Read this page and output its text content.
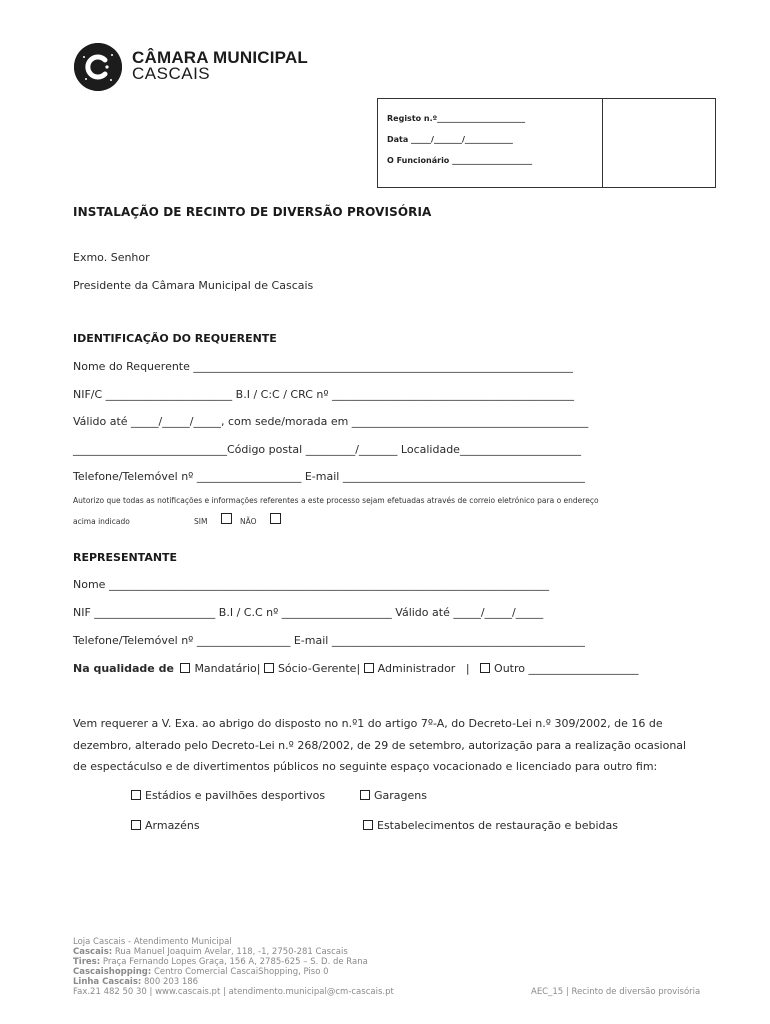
CÂMARA MUNICIPAL
CASCAIS
Registo n.º______________________
Data _____/_______/____________
O Funcionário ____________________
INSTALAÇÃO DE RECINTO DE DIVERSÃO PROVISÓRIA
Exmo. Senhor
Presidente da Câmara Municipal de Cascais
IDENTIFICAÇÃO DO REQUERENTE
Nome do Requerente _____________________________________________________________________
NIF/C _______________________ B.I / C:C / CRC nº ____________________________________________
Válido até _____/_____/_____, com sede/morada em ___________________________________________
____________________________Código postal _________/_______ Localidade______________________
Telefone/Telemóvel nº ___________________ E-mail ____________________________________________
Autorizo que todas as notificações e informações referentes a este processo sejam efetuadas através de correio eletrónico para o endereço
acima indicado	SIM	NÃO
REPRESENTANTE
Nome ________________________________________________________________________________
NIF ______________________ B.I / C.C nº ____________________ Válido até _____/_____/_____
Telefone/Telemóvel nº _________________ E-mail ______________________________________________
Na qualidade de Mandatário| Sócio-Gerente| Administrador | Outro ____________________
Vem requerer a V. Exa. ao abrigo do disposto no n.º1 do artigo 7º-A, do Decreto-Lei n.º 309/2002, de 16 de
dezembro, alterado pelo Decreto-Lei n.º 268/2002, de 29 de setembro, autorização para a realização ocasional
de espectáculso e de divertimentos públicos no seguinte espaço vocacionado e licenciado para outro fim:
Estádios e pavilhões desportivos	Garagens
Armazéns	Estabelecimentos de restauração e bebidas
Loja Cascais - Atendimento Municipal
Cascais: Rua Manuel Joaquim Avelar, 118, -1, 2750-281 Cascais
Tires: Praça Fernando Lopes Graça, 156 A, 2785-625 – S. D. de Rana
Cascaishopping: Centro Comercial CascaiShopping, Piso 0
Linha Cascais: 800 203 186
Fax.21 482 50 30 | www.cascais.pt | atendimento.municipal@cm-cascais.pt	AEC_15 | Recinto de diversão provisória
